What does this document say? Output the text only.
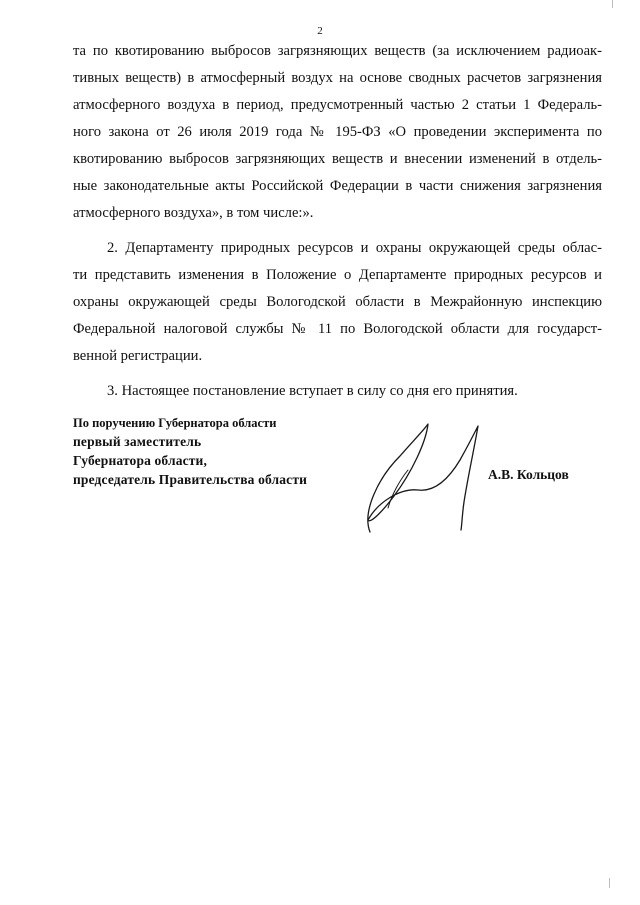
2

та по квотированию выбросов загрязняющих веществ (за исключением радиоак-

тивных веществ) в атмосферный воздух на основе сводных расчетов загрязнения

атмосферного воздуха в период, предусмотренный частью 2 статьи 1 Федераль-

ного закона от 26 июля 2019 года № 195-ФЗ «О проведении эксперимента по

квотированию выбросов загрязняющих веществ и внесении изменений в отдель-

ные законодательные акты Российской Федерации в части снижения загрязнения

атмосферного воздуха», в том числе:».

2. Департаменту природных ресурсов и охраны окружающей среды облас-

ти представить изменения в Положение о Департаменте природных ресурсов и

охраны окружающей среды Вологодской области в Межрайонную инспекцию

Федеральной налоговой службы № 11 по Вологодской области для государст-

венной регистрации.

3. Настоящее постановление вступает в силу со дня его принятия.

По поручению Губернатора области
первый заместитель
Губернатора области,
председатель Правительства области	А.В. Кольцов
